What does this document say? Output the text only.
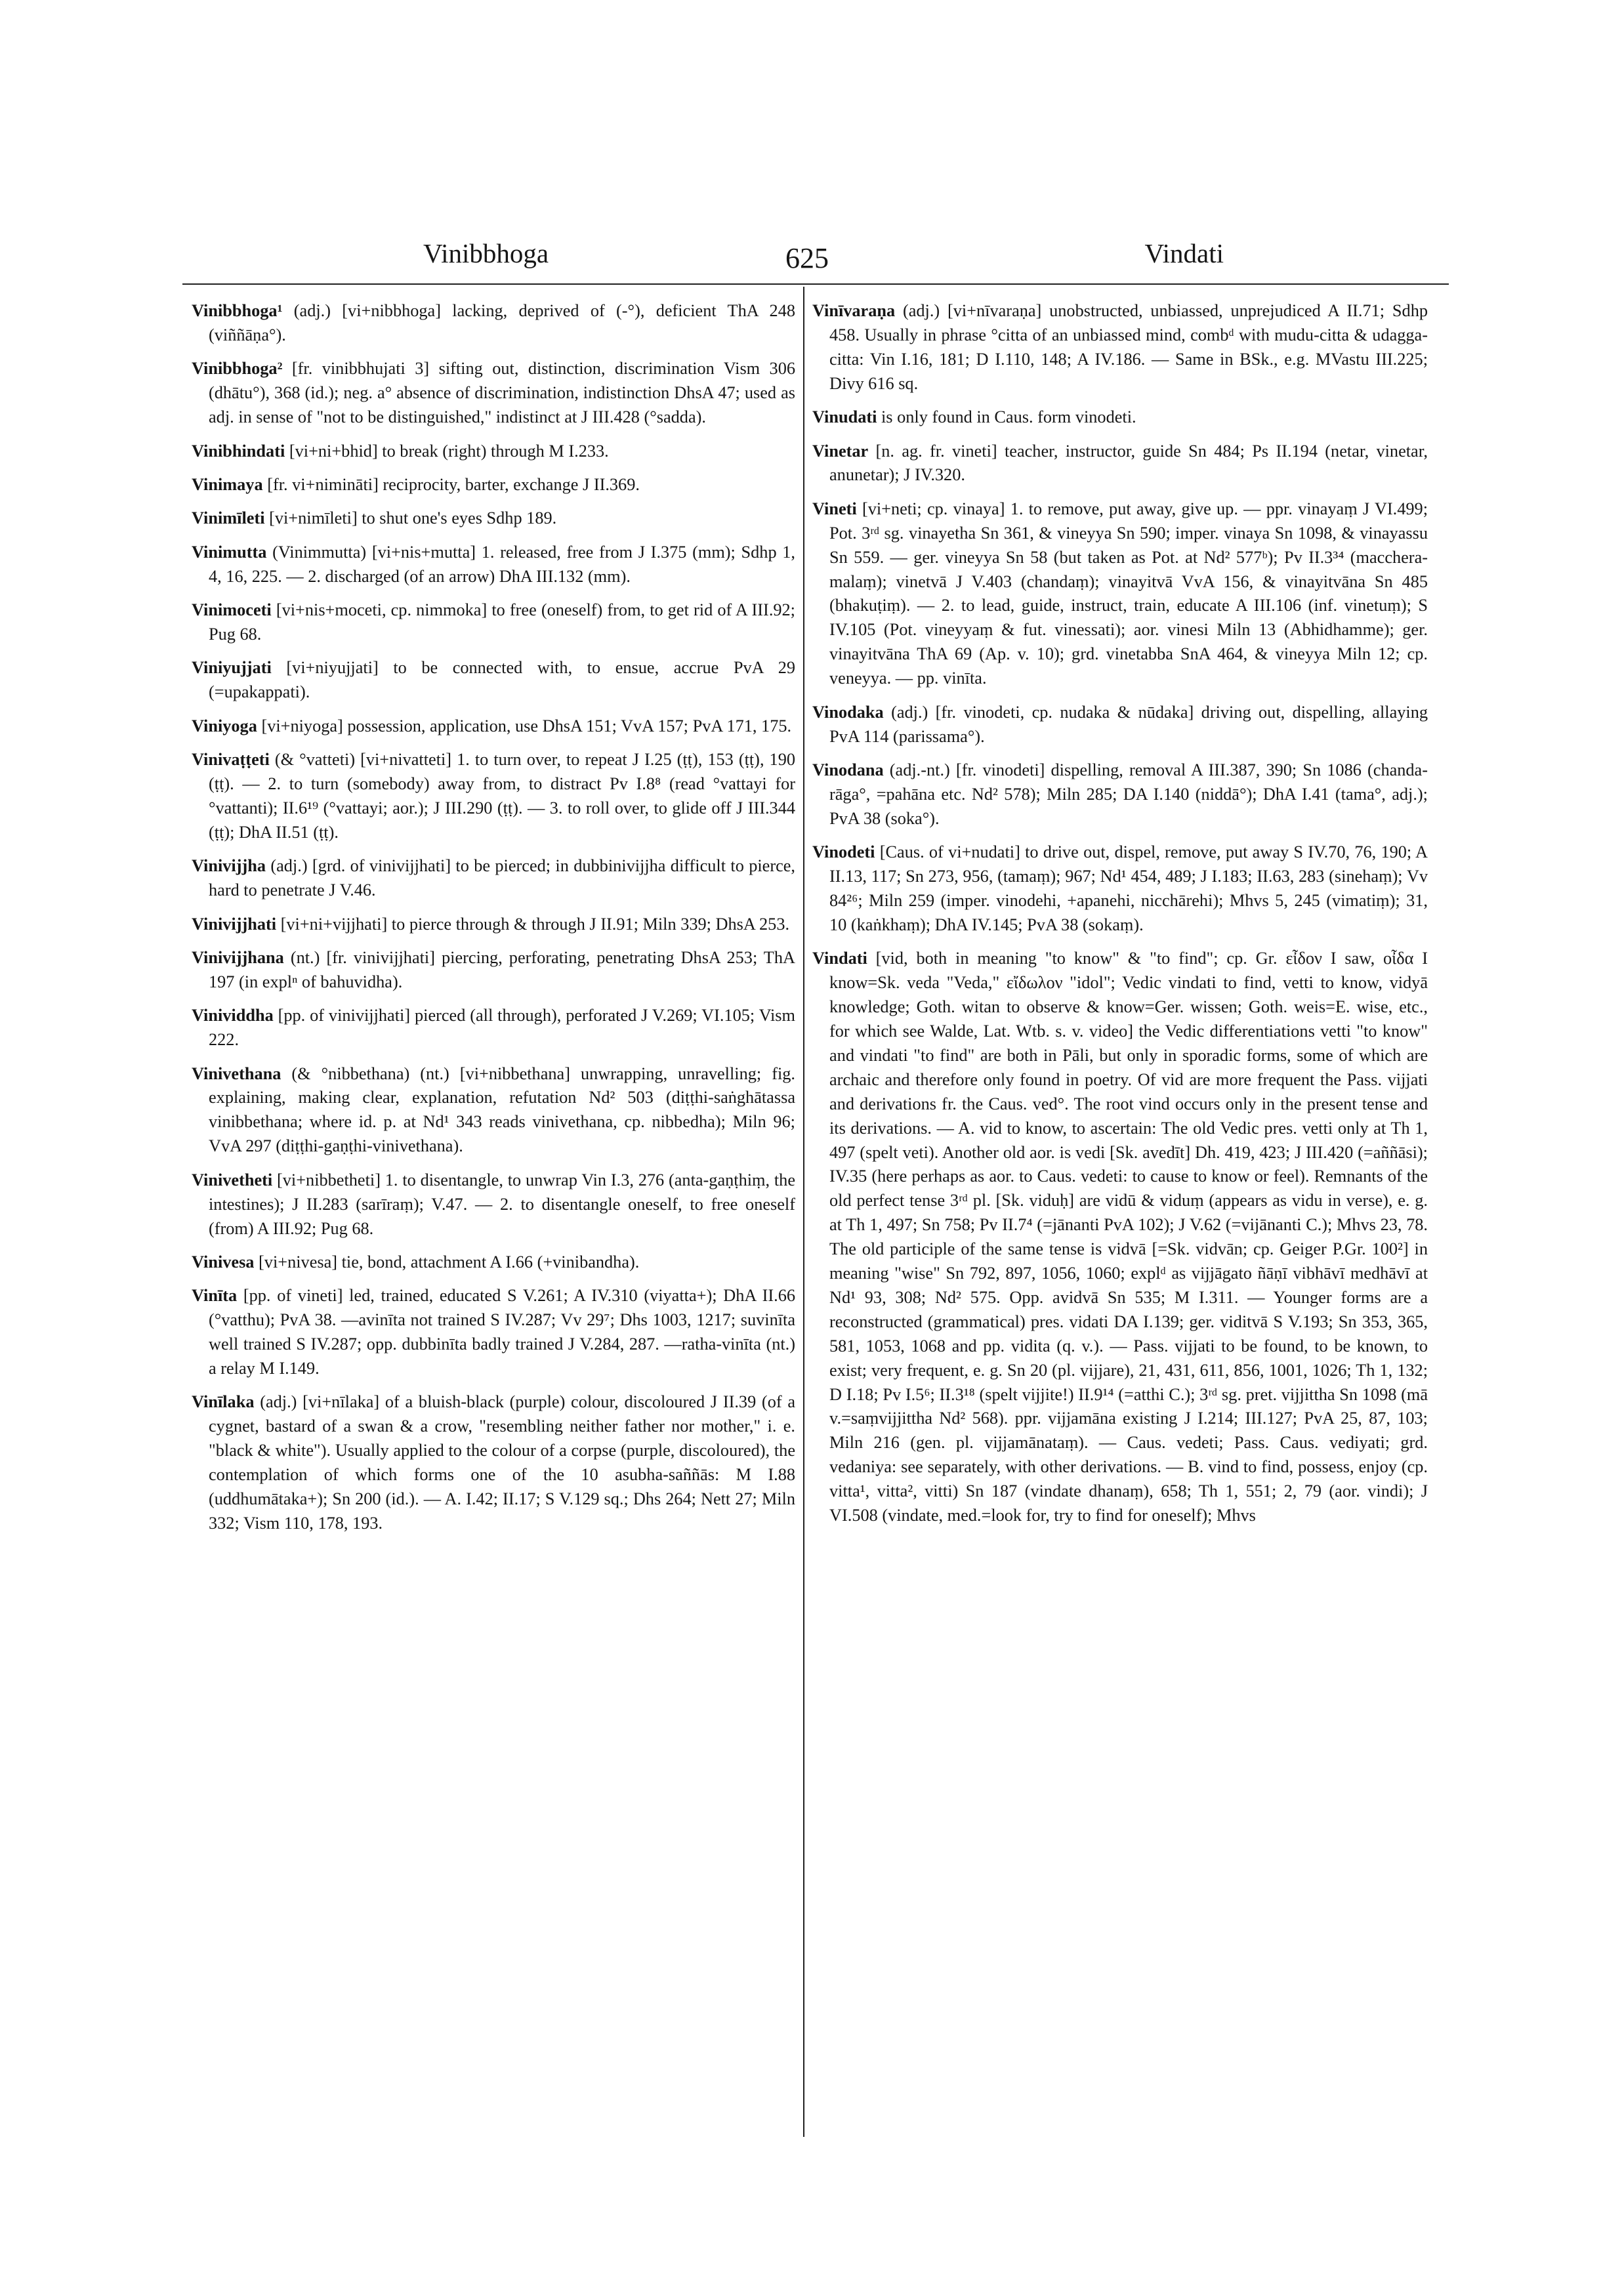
Vinibbhoga	625	Vindati

Vinibbhoga¹ (adj.) [vi+nibbhoga] lacking, deprived of (-°), deficient ThA 248 (viññāṇa°).

Vinibbhoga² [fr. vinibbhujati 3] sifting out, distinction, discrimination Vism 306 (dhātu°), 368 (id.); neg. a° absence of discrimination, indistinction DhsA 47; used as adj. in sense of "not to be distinguished," indistinct at J III.428 (°sadda).

Vinibhindati [vi+ni+bhid] to break (right) through M I.233.

Vinimaya [fr. vi+nimināti] reciprocity, barter, exchange J II.369.

Vinimīleti [vi+nimīleti] to shut one's eyes Sdhp 189.

Vinimutta (Vinimmutta) [vi+nis+mutta] 1. released, free from J I.375 (mm); Sdhp 1, 4, 16, 225. — 2. discharged (of an arrow) DhA III.132 (mm).

Vinimoceti [vi+nis+moceti, cp. nimmoka] to free (oneself) from, to get rid of A III.92; Pug 68.

Viniyujjati [vi+niyujjati] to be connected with, to ensue, accrue PvA 29 (=upakappati).

Viniyoga [vi+niyoga] possession, application, use DhsA 151; VvA 157; PvA 171, 175.

Vinivaṭṭeti (& °vatteti) [vi+nivatteti] 1. to turn over, to repeat J I.25 (ṭṭ), 153 (ṭṭ), 190 (ṭṭ). — 2. to turn (somebody) away from, to distract Pv I.8⁸ (read °vattayi for °vattanti); II.6¹⁹ (°vattayi; aor.); J III.290 (ṭṭ). — 3. to roll over, to glide off J III.344 (ṭṭ); DhA II.51 (ṭṭ).

Vinivijjha (adj.) [grd. of vinivijjhati] to be pierced; in dubbinivijjha difficult to pierce, hard to penetrate J V.46.

Vinivijjhati [vi+ni+vijjhati] to pierce through & through J II.91; Miln 339; DhsA 253.

Vinivijjhana (nt.) [fr. vinivijjhati] piercing, perforating, penetrating DhsA 253; ThA 197 (in explⁿ of bahuvidha).

Vinividdha [pp. of vinivijjhati] pierced (all through), perforated J V.269; VI.105; Vism 222.

Vinivethana (& °nibbethana) (nt.) [vi+nibbethana] unwrapping, unravelling; fig. explaining, making clear, explanation, refutation Nd² 503 (diṭṭhi-saṅghātassa vinibbethana; where id. p. at Nd¹ 343 reads vinivethana, cp. nibbedha); Miln 96; VvA 297 (diṭṭhi-gaṇṭhi-vinivethana).

Vinivetheti [vi+nibbetheti] 1. to disentangle, to unwrap Vin I.3, 276 (anta-gaṇṭhiṃ, the intestines); J II.283 (sarīraṃ); V.47. — 2. to disentangle oneself, to free oneself (from) A III.92; Pug 68.

Vinivesa [vi+nivesa] tie, bond, attachment A I.66 (+vinibandha).

Vinīta [pp. of vineti] led, trained, educated S V.261; A IV.310 (viyatta+); DhA II.66 (°vatthu); PvA 38. —avinīta not trained S IV.287; Vv 29⁷; Dhs 1003, 1217; suvinīta well trained S IV.287; opp. dubbinīta badly trained J V.284, 287. —ratha-vinīta (nt.) a relay M I.149.

Vinīlaka (adj.) [vi+nīlaka] of a bluish-black (purple) colour, discoloured J II.39 (of a cygnet, bastard of a swan & a crow, "resembling neither father nor mother," i. e. "black & white"). Usually applied to the colour of a corpse (purple, discoloured), the contemplation of which forms one of the 10 asubha-saññās: M I.88 (uddhumātaka+); Sn 200 (id.). — A. I.42; II.17; S V.129 sq.; Dhs 264; Nett 27; Miln 332; Vism 110, 178, 193.

Vinīvaraṇa (adj.) [vi+nīvaraṇa] unobstructed, unbiassed, unprejudiced A II.71; Sdhp 458. Usually in phrase °citta of an unbiassed mind, combᵈ with mudu-citta & udagga-citta: Vin I.16, 181; D I.110, 148; A IV.186. — Same in BSk., e.g. MVastu III.225; Divy 616 sq.

Vinudati is only found in Caus. form vinodeti.

Vinetar [n. ag. fr. vineti] teacher, instructor, guide Sn 484; Ps II.194 (netar, vinetar, anunetar); J IV.320.

Vineti [vi+neti; cp. vinaya] 1. to remove, put away, give up. — ppr. vinayaṃ J VI.499; Pot. 3ʳᵈ sg. vinayetha Sn 361, & vineyya Sn 590; imper. vinaya Sn 1098, & vinayassu Sn 559. — ger. vineyya Sn 58 (but taken as Pot. at Nd² 577ᵇ); Pv II.3³⁴ (macchera-malaṃ); vinetvā J V.403 (chandaṃ); vinayitvā VvA 156, & vinayitvāna Sn 485 (bhakuṭiṃ). — 2. to lead, guide, instruct, train, educate A III.106 (inf. vinetuṃ); S IV.105 (Pot. vineyyaṃ & fut. vinessati); aor. vinesi Miln 13 (Abhidhamme); ger. vinayitvāna ThA 69 (Ap. v. 10); grd. vinetabba SnA 464, & vineyya Miln 12; cp. veneyya. — pp. vinīta.

Vinodaka (adj.) [fr. vinodeti, cp. nudaka & nūdaka] driving out, dispelling, allaying PvA 114 (parissama°).

Vinodana (adj.-nt.) [fr. vinodeti] dispelling, removal A III.387, 390; Sn 1086 (chanda-rāga°, =pahāna etc. Nd² 578); Miln 285; DA I.140 (niddā°); DhA I.41 (tama°, adj.); PvA 38 (soka°).

Vinodeti [Caus. of vi+nudati] to drive out, dispel, remove, put away S IV.70, 76, 190; A II.13, 117; Sn 273, 956, (tamaṃ); 967; Nd¹ 454, 489; J I.183; II.63, 283 (sinehaṃ); Vv 84²⁶; Miln 259 (imper. vinodehi, +apanehi, nicchārehi); Mhvs 5, 245 (vimatiṃ); 31, 10 (kaṅkhaṃ); DhA IV.145; PvA 38 (sokaṃ).

Vindati [vid, both in meaning "to know" & "to find"; cp. Gr. εἶδον I saw, οἶδα I know=Sk. veda "Veda," εἴδωλον "idol"; Vedic vindati to find, vetti to know, vidyā knowledge; Goth. witan to observe & know=Ger. wissen; Goth. weis=E. wise, etc., for which see Walde, Lat. Wtb. s. v. video] the Vedic differentiations vetti "to know" and vindati "to find" are both in Pāli, but only in sporadic forms, some of which are archaic and therefore only found in poetry. Of vid are more frequent the Pass. vijjati and derivations fr. the Caus. ved°. The root vind occurs only in the present tense and its derivations. — A. vid to know, to ascertain: The old Vedic pres. vetti only at Th 1, 497 (spelt veti). Another old aor. is vedi [Sk. avedīt] Dh. 419, 423; J III.420 (=aññāsi); IV.35 (here perhaps as aor. to Caus. vedeti: to cause to know or feel). Remnants of the old perfect tense 3ʳᵈ pl. [Sk. viduḥ] are vidū & viduṃ (appears as vidu in verse), e. g. at Th 1, 497; Sn 758; Pv II.7⁴ (=jānanti PvA 102); J V.62 (=vijānanti C.); Mhvs 23, 78. The old participle of the same tense is vidvā [=Sk. vidvān; cp. Geiger P.Gr. 100²] in meaning "wise" Sn 792, 897, 1056, 1060; explᵈ as vijjāgato ñāṇī vibhāvī medhāvī at Nd¹ 93, 308; Nd² 575. Opp. avidvā Sn 535; M I.311. — Younger forms are a reconstructed (grammatical) pres. vidati DA I.139; ger. viditvā S V.193; Sn 353, 365, 581, 1053, 1068 and pp. vidita (q. v.). — Pass. vijjati to be found, to be known, to exist; very frequent, e. g. Sn 20 (pl. vijjare), 21, 431, 611, 856, 1001, 1026; Th 1, 132; D I.18; Pv I.5⁶; II.3¹⁸ (spelt vijjite!) II.9¹⁴ (=atthi C.); 3ʳᵈ sg. pret. vijjittha Sn 1098 (mā v.=saṃvijjittha Nd² 568). ppr. vijjamāna existing J I.214; III.127; PvA 25, 87, 103; Miln 216 (gen. pl. vijjamānataṃ). — Caus. vedeti; Pass. Caus. vediyati; grd. vedaniya: see separately, with other derivations. — B. vind to find, possess, enjoy (cp. vitta¹, vitta², vitti) Sn 187 (vindate dhanaṃ), 658; Th 1, 551; 2, 79 (aor. vindi); J VI.508 (vindate, med.=look for, try to find for oneself); Mhvs
